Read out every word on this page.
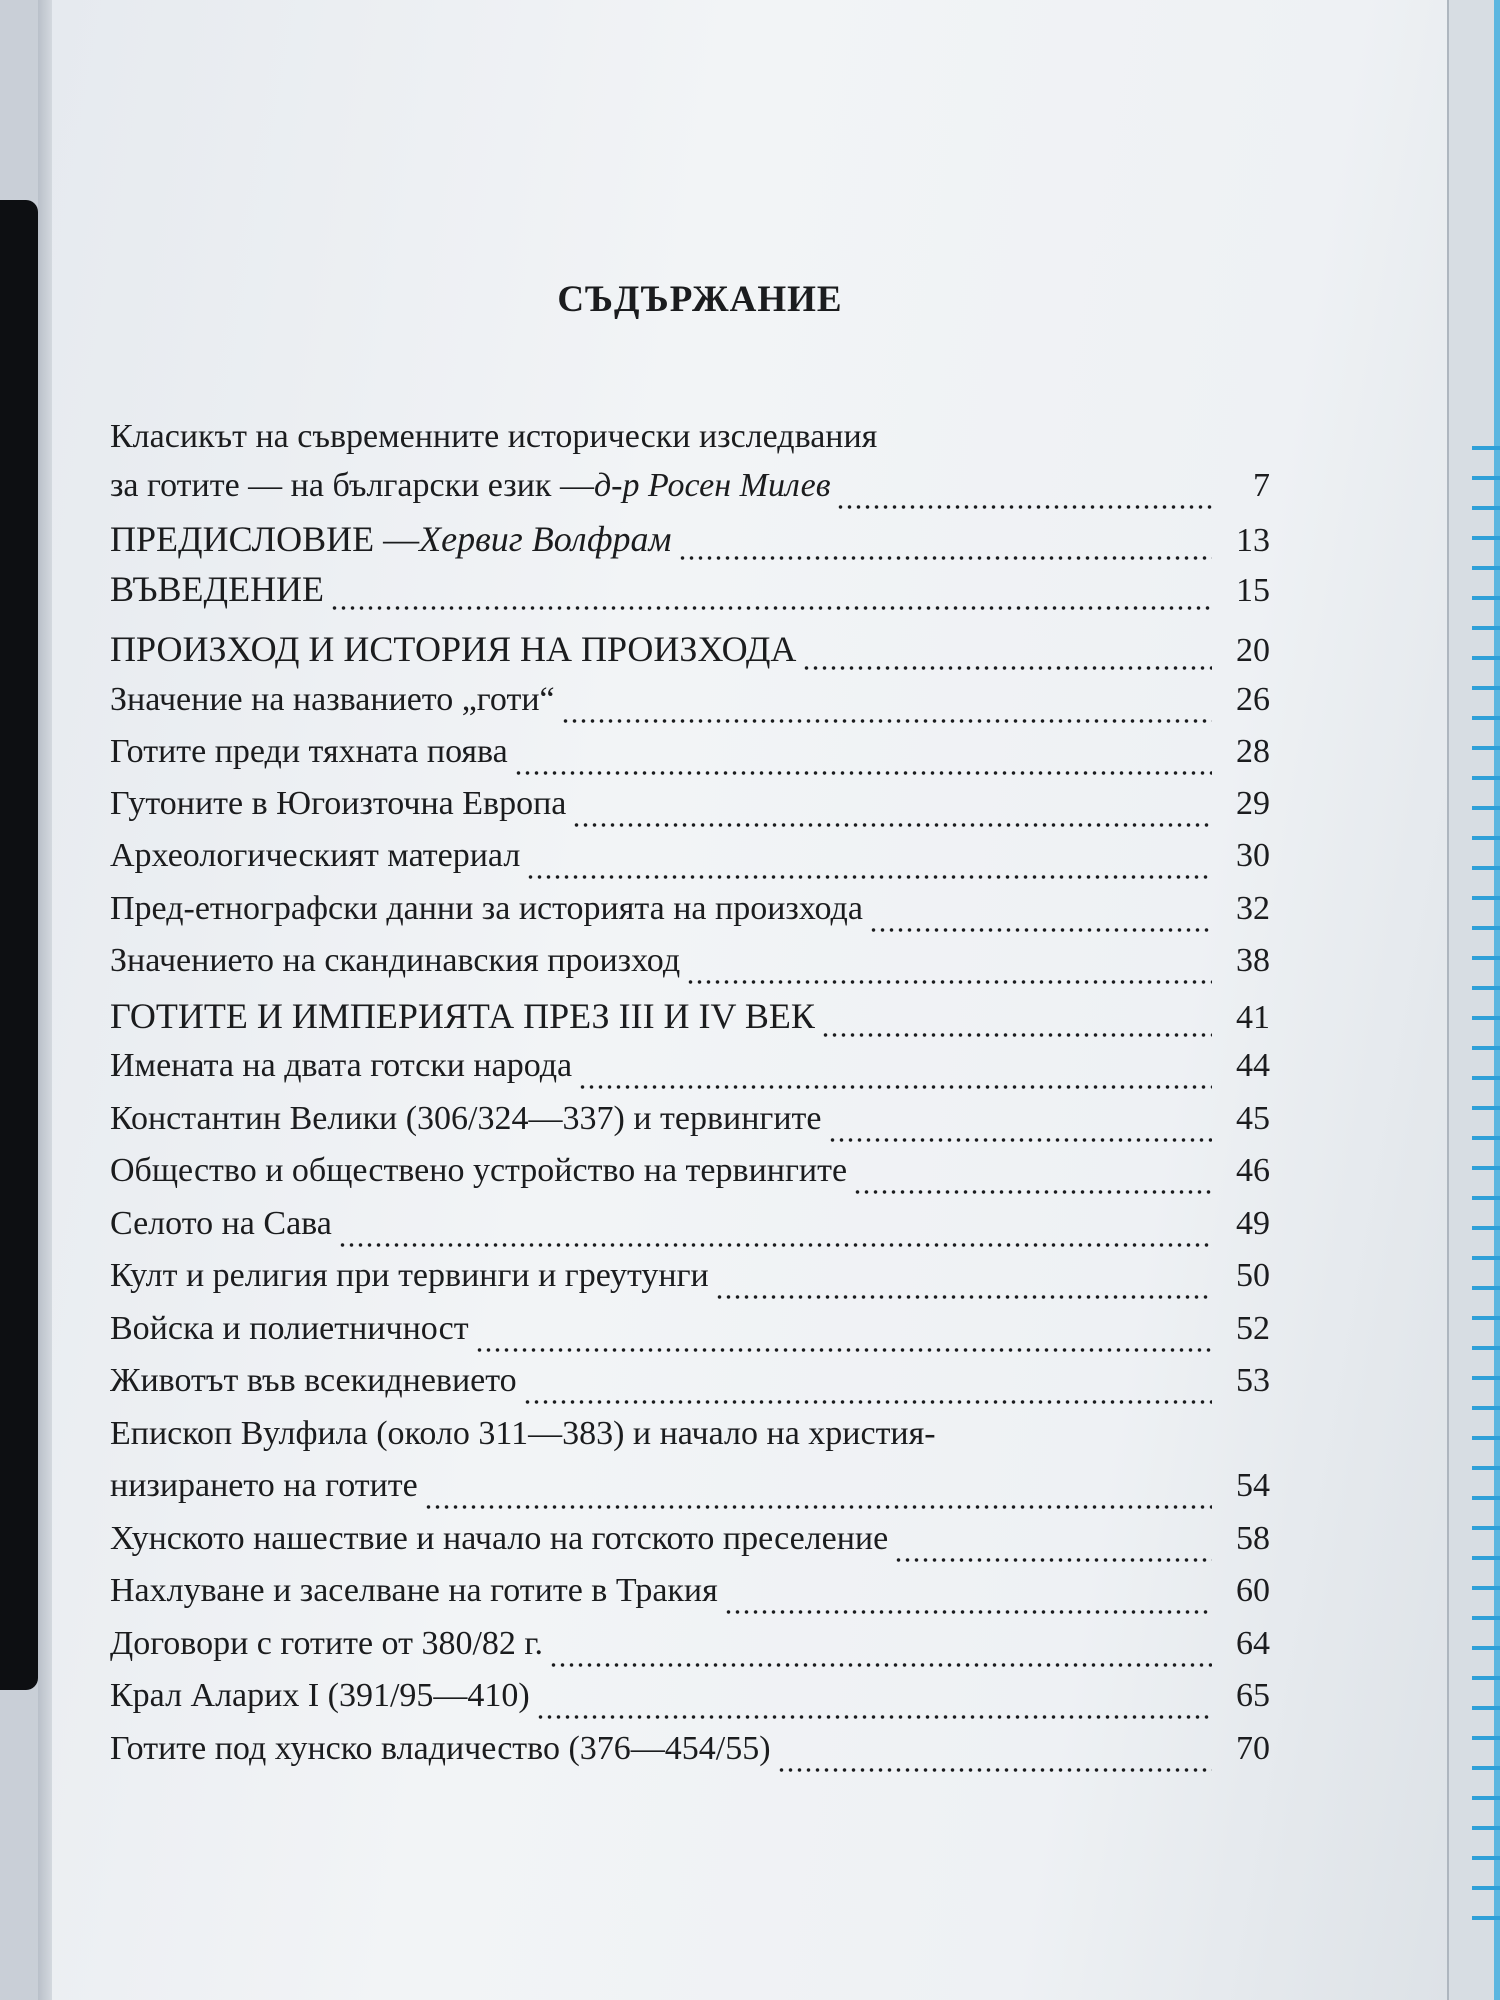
СЪДЪРЖАНИЕ
Класикът на съвременните исторически изследвания
за готите — на български език — д-р Росен Милев	7
ПРЕДИСЛОВИЕ — Хервиг Волфрам	13
ВЪВЕДЕНИЕ	15
ПРОИЗХОД И ИСТОРИЯ НА ПРОИЗХОДА	20
Значение на названието „готи“	26
Готите преди тяхната поява	28
Гутоните в Югоизточна Европа	29
Археологическият материал	30
Пред-етнографски данни за историята на произхода	32
Значението на скандинавския произход	38
ГОТИТЕ И ИМПЕРИЯТА ПРЕЗ III И IV ВЕК	41
Имената на двата готски народа	44
Константин Велики (306/324—337) и тервингите	45
Общество и обществено устройство на тервингите	46
Селото на Сава	49
Култ и религия при тервинги и греутунги	50
Войска и полиетничност	52
Животът във всекидневието	53
Епископ Вулфила (около 311—383) и начало на христия-
низирането на готите	54
Хунското нашествие и начало на готското преселение	58
Нахлуване и заселване на готите в Тракия	60
Договори с готите от 380/82 г.	64
Крал Аларих I (391/95—410)	65
Готите под хунско владичество (376—454/55)	70
